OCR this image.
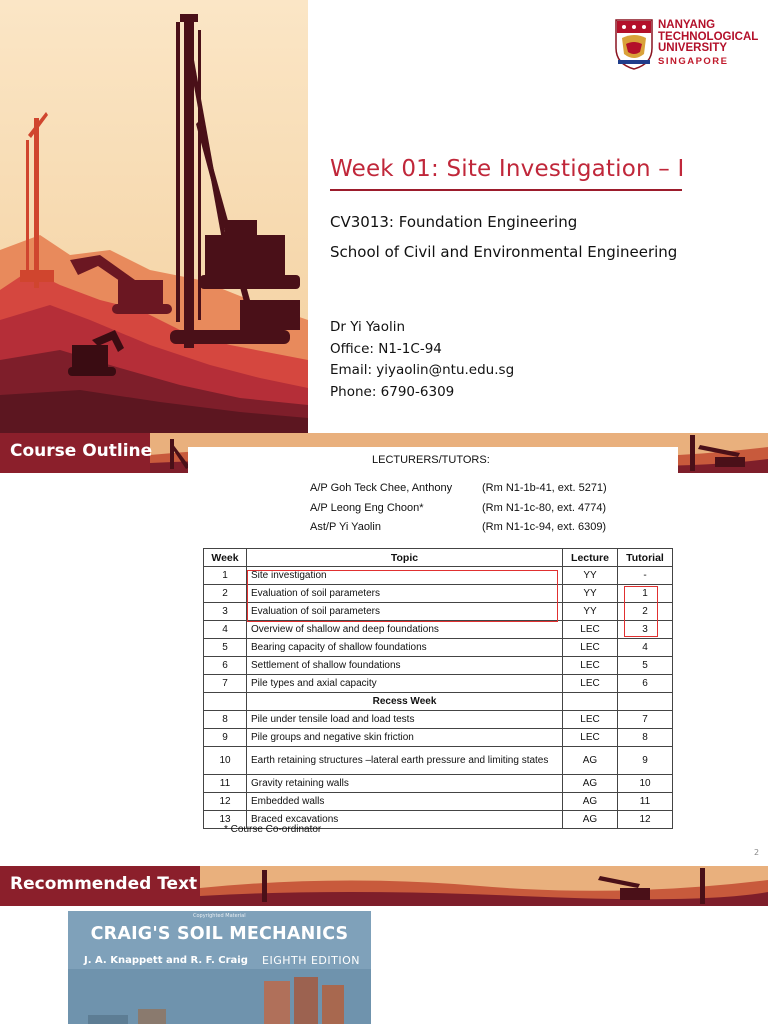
NANYANG
TECHNOLOGICAL
UNIVERSITY
SINGAPORE
Week 01: Site Investigation – I
CV3013: Foundation Engineering
School of Civil and Environmental Engineering
Dr Yi Yaolin
Office: N1-1C-94
Email: yiyaolin@ntu.edu.sg
Phone: 6790-6309
Course Outline	LECTURERS/TUTORS:
A/P Goh Teck Chee, Anthony	(Rm N1-1b-41, ext. 5271)
A/P Leong Eng Choon*	(Rm N1-1c-80, ext. 4774)
Ast/P Yi Yaolin	(Rm N1-1c-94, ext. 6309)
Week	Topic	Lecture	Tutorial
1	Site investigation	YY	-
2	Evaluation of soil parameters	YY	1
3	Evaluation of soil parameters	YY	2
4	Overview of shallow and deep foundations	LEC	3
5	Bearing capacity of shallow foundations	LEC	4
6	Settlement of shallow foundations	LEC	5
7	Pile types and axial capacity	LEC	6
	Recess Week		
8	Pile under tensile load and load tests	LEC	7
9	Pile groups and negative skin friction	LEC	8
10	Earth retaining structures –lateral earth pressure and limiting states	AG	9
11	Gravity retaining walls	AG	10
12	Embedded walls	AG	11
13	Braced excavations	AG	12
* Course Co-ordinator
2
Recommended Text
Copyrighted Material
CRAIG'S SOIL MECHANICS
J. A. Knappett and R. F. Craig EIGHTH EDITION
